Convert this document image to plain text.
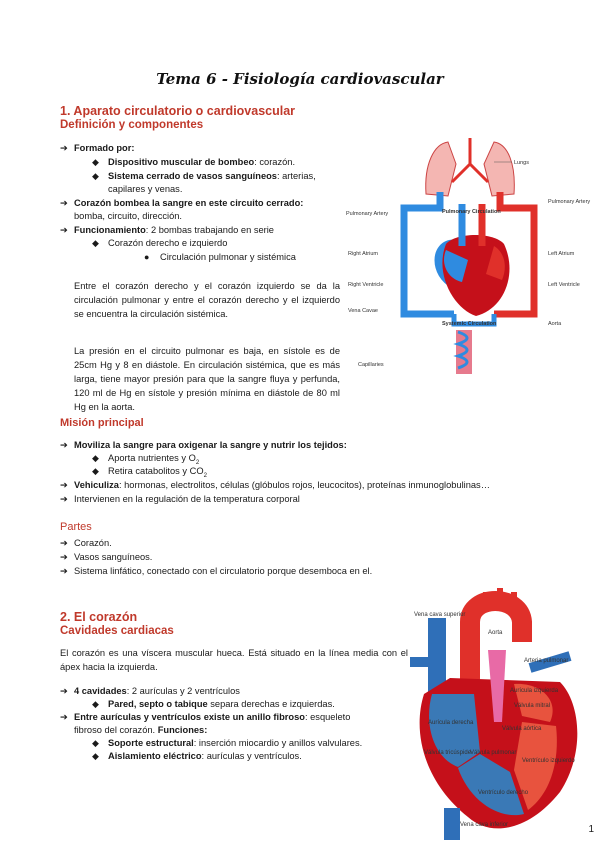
Tema 6 - Fisiología cardiovascular
1. Aparato circulatorio o cardiovascular
Definición y componentes
➔ Formado por:
◆ Dispositivo muscular de bombeo: corazón.
◆ Sistema cerrado de vasos sanguíneos: arterias,
capilares y venas.
➔ Corazón bombea la sangre en este circuito cerrado:
bomba, circuito, dirección.
➔ Funcionamiento: 2 bombas trabajando en serie
◆ Corazón derecho e izquierdo
● Circulación pulmonar y sistémica
Entre el corazón derecho y el corazón izquierdo se da la circulación pulmonar y entre el corazón derecho y el izquierdo se encuentra la circulación sistémica.
La presión en el circuito pulmonar es baja, en sístole es de 25cm Hg y 8 en diástole. En circulación sistémica, que es más larga, tiene mayor presión para que la sangre fluya y perfunda, 120 ml de Hg en sístole y presión mínima en diástole de 80 ml Hg en la aorta.
Lungs
Pulmonary Artery
Pulmonary Artery
Pulmonary Circulation
Right Atrium	Left Atrium
Right Ventricle	Left Ventricle
Vena Cavae
Aorta
Systemic Circulation
Capillaries
Misión principal
➔ Moviliza la sangre para oxigenar la sangre y nutrir los tejidos:
◆ Aporta nutrientes y $O_2$
◆ Retira catabolitos y $CO_2$
➔ Vehiculiza: hormonas, electrolitos, células (glóbulos rojos, leucocitos), proteínas inmunoglobulinas…
➔ Intervienen en la regulación de la temperatura corporal
Partes
➔ Corazón.
➔ Vasos sanguíneos.
➔ Sistema linfático, conectado con el circulatorio porque desemboca en el.
2. El corazón
Cavidades cardiacas
El corazón es una víscera muscular hueca. Está situado en la línea media con el ápex hacia la izquierda.
➔ 4 cavidades: 2 aurículas y 2 ventrículos
◆ Pared, septo o tabique separa derechas e izquierdas.
➔ Entre aurículas y ventrículos existe un anillo fibroso: esqueleto
fibroso del corazón. Funciones:
◆ Soporte estructural: inserción miocardio y anillos valvulares.
◆ Aislamiento eléctrico: aurículas y ventrículos.
Vena cava superior
Aorta
Arteria pulmonar
Aurícula izquierda
Válvula mitral
Aurícula derecha
Válvula aórtica
Válvula tricúspide
Válvula pulmonar
Ventrículo izquierdo
Ventrículo derecho
Vena cava inferior	1
